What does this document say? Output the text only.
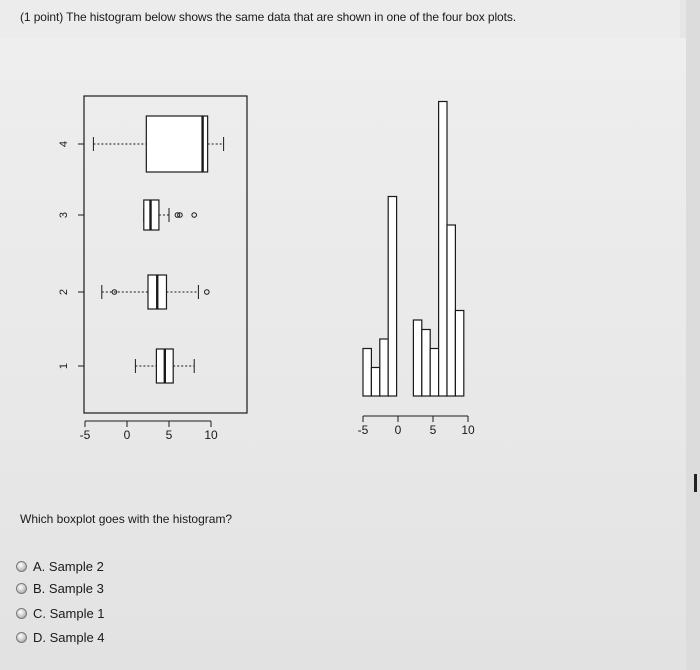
(1 point) The histogram below shows the same data that are shown in one of the four box plots.
-5	0	5	10
1
2
3
4
-5 0 5 10
Which boxplot goes with the histogram?
A. Sample 2
B. Sample 3
C. Sample 1
D. Sample 4
